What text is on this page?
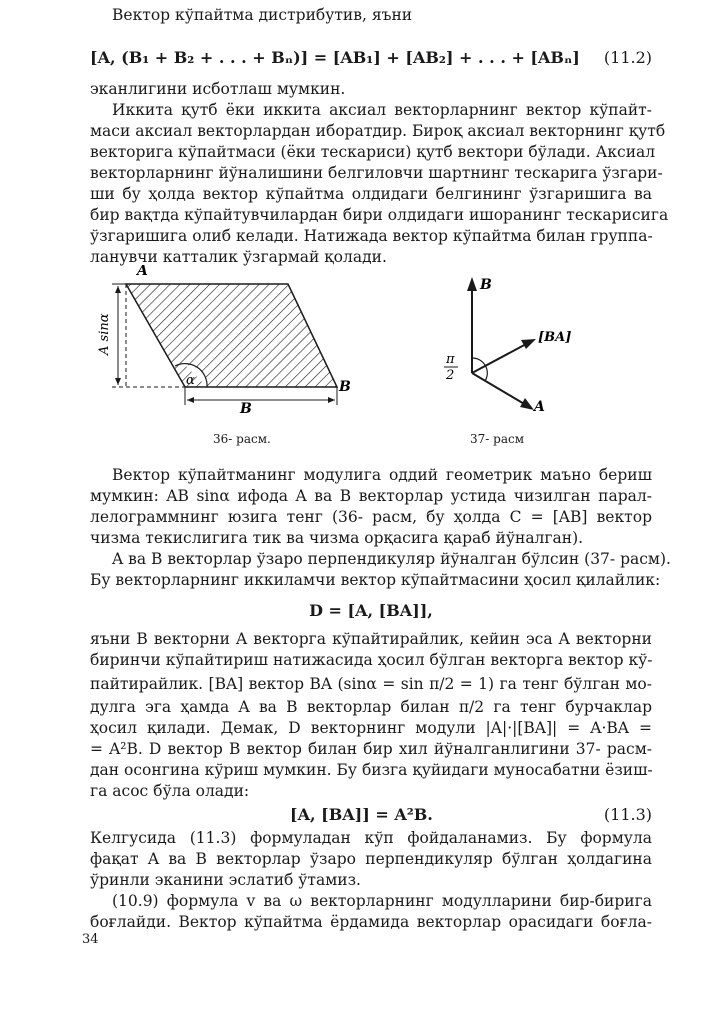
Вектор кўпайтма дистрибутив, яъни
[A, (B₁ + B₂ + . . . + Bₙ)] = [AB₁] + [AB₂] + . . . + [ABₙ] (11.2)
эканлигини исботлаш мумкин.
Иккита қутб ёки иккита аксиал векторларнинг вектор кўпайт-
маси аксиал векторлардан иборатдир. Бироқ аксиал векторнинг қутб
векторига кўпайтмаси (ёки тескариси) қутб вектори бўлади. Аксиал
векторларнинг йўналишини белгиловчи шартнинг тескарига ўзгари-
ши бу ҳолда вектор кўпайтма олдидаги белгининг ўзгаришига ва
бир вақтда кўпайтувчилардан бири олдидаги ишоранинг тескарисига
ўзгаришига олиб келади. Натижада вектор кўпайтма билан группа-
ланувчи катталик ўзгармай қолади.
A
A sinα
α
B
B
36- расм.
B
[BA]
π
2
A
37- расм
Вектор кўпайтманинг модулига оддий геометрик маъно бериш
мумкин: AB sinα ифода A ва B векторлар устида чизилган парал-
лелограммнинг юзига тенг (36- расм, бу ҳолда C = [AB] вектор
чизма текислигига тик ва чизма орқасига қараб йўналган).
A ва B векторлар ўзаро перпендикуляр йўналган бўлсин (37- расм).
Бу векторларнинг иккиламчи вектор кўпайтмасини ҳосил қилайлик:
D = [A, [BA]],
яъни B векторни A векторга кўпайтирайлик, кейин эса A векторни
биринчи кўпайтириш натижасида ҳосил бўлган векторга вектор кў-
пайтирайлик. [BA] вектор BA (sinα = sin π/2 = 1) га тенг бўлган мо-
дулга эга ҳамда A ва B векторлар билан π/2 га тенг бурчаклар
ҳосил қилади. Демак, D векторнинг модули |A|·|[BA]| = A·BA =
= A²B. D вектор B вектор билан бир хил йўналганлигини 37- расм-
дан осонгина кўриш мумкин. Бу бизга қуйидаги муносабатни ёзиш-
га асос бўла олади:
[A, [BA]] = A²B.	(11.3)
Келгусида (11.3) формуладан кўп фойдаланамиз. Бу формула
фақат A ва B векторлар ўзаро перпендикуляр бўлган ҳолдагина
ўринли эканини эслатиб ўтамиз.
(10.9) формула v ва ω векторларнинг модулларини бир-бирига
боғлайди. Вектор кўпайтма ёрдамида векторлар орасидаги боғла-
34
